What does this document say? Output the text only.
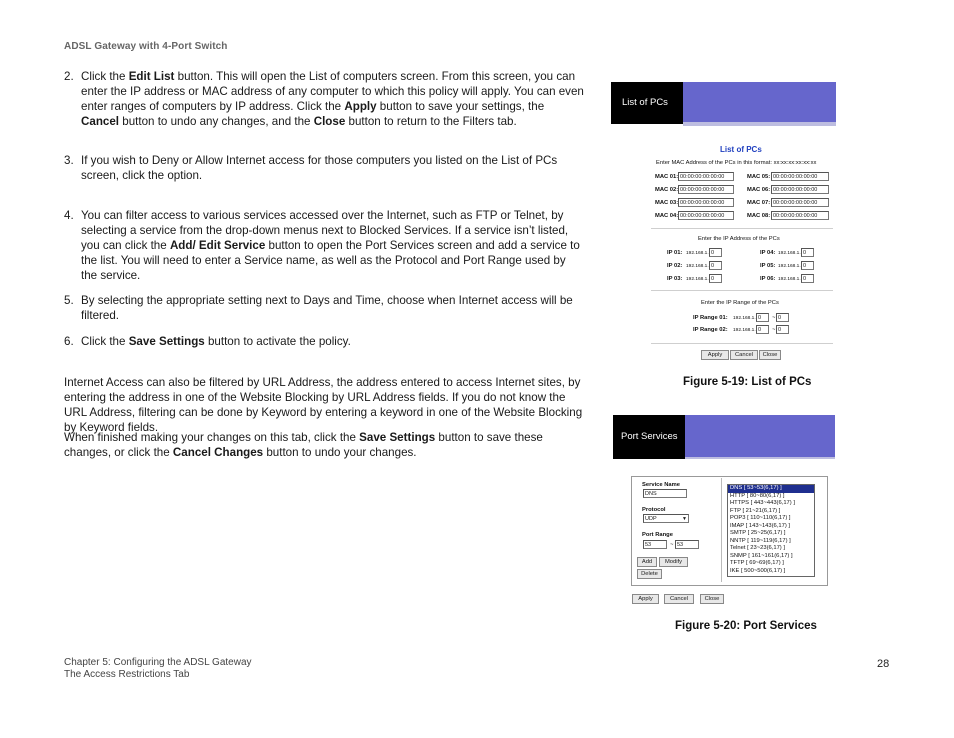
ADSL Gateway with 4-Port Switch
2. Click the Edit List button. This will open the List of computers screen. From this screen, you can enter the IP address or MAC address of any computer to which this policy will apply. You can even enter ranges of computers by IP address. Click the Apply button to save your settings, the Cancel button to undo any changes, and the Close button to return to the Filters tab.
3. If you wish to Deny or Allow Internet access for those computers you listed on the List of PCs screen, click the option.
4. You can filter access to various services accessed over the Internet, such as FTP or Telnet, by selecting a service from the drop-down menus next to Blocked Services. If a service isn’t listed, you can click the Add/ Edit Service button to open the Port Services screen and add a service to the list. You will need to enter a Service name, as well as the Protocol and Port Range used by the service.
5. By selecting the appropriate setting next to Days and Time, choose when Internet access will be filtered.
6. Click the Save Settings button to activate the policy.
Internet Access can also be filtered by URL Address, the address entered to access Internet sites, by entering the address in one of the Website Blocking by URL Address fields. If you do not know the URL Address, filtering can be done by Keyword by entering a keyword in one of the Website Blocking by Keyword fields.
When finished making your changes on this tab, click the Save Settings button to save these changes, or click the Cancel Changes button to undo your changes.
Chapter 5: Configuring the ADSL Gateway
The Access Restrictions Tab
28
List of PCs
List of PCs
Enter MAC Address of the PCs in this format: xx:xx:xx:xx:xx:xx
MAC 01: 00:00:00:00:00:00	MAC 05: 00:00:00:00:00:00
MAC 02: 00:00:00:00:00:00	MAC 06: 00:00:00:00:00:00
MAC 03: 00:00:00:00:00:00	MAC 07: 00:00:00:00:00:00
MAC 04: 00:00:00:00:00:00	MAC 08: 00:00:00:00:00:00
Enter the IP Address of the PCs
IP 01: 192.168.1. 0	IP 04: 192.168.1. 0
IP 02: 192.168.1. 0	IP 05: 192.168.1. 0
IP 03: 192.168.1. 0	IP 06: 192.168.1. 0
Enter the IP Range of the PCs
IP Range 01: 192.168.1. 0	~ 0
IP Range 02: 192.168.1. 0	~ 0
Apply	Cancel	Close
Figure 5-19: List of PCs
Port Services
Service Name
DNS
Protocol
UDP	▼
Port Range
53	~ 53
Add	Modify
Delete
DNS [ 53~53(6,17) ]
HTTP [ 80~80(6,17) ]
HTTPS [ 443~443(6,17) ]
FTP [ 21~21(6,17) ]
POP3 [ 110~110(6,17) ]
IMAP [ 143~143(6,17) ]
SMTP [ 25~25(6,17) ]
NNTP [ 119~119(6,17) ]
Telnet [ 23~23(6,17) ]
SNMP [ 161~161(6,17) ]
TFTP [ 69~69(6,17) ]
IKE [ 500~500(6,17) ]
Apply	Cancel	Close
Figure 5-20: Port Services
